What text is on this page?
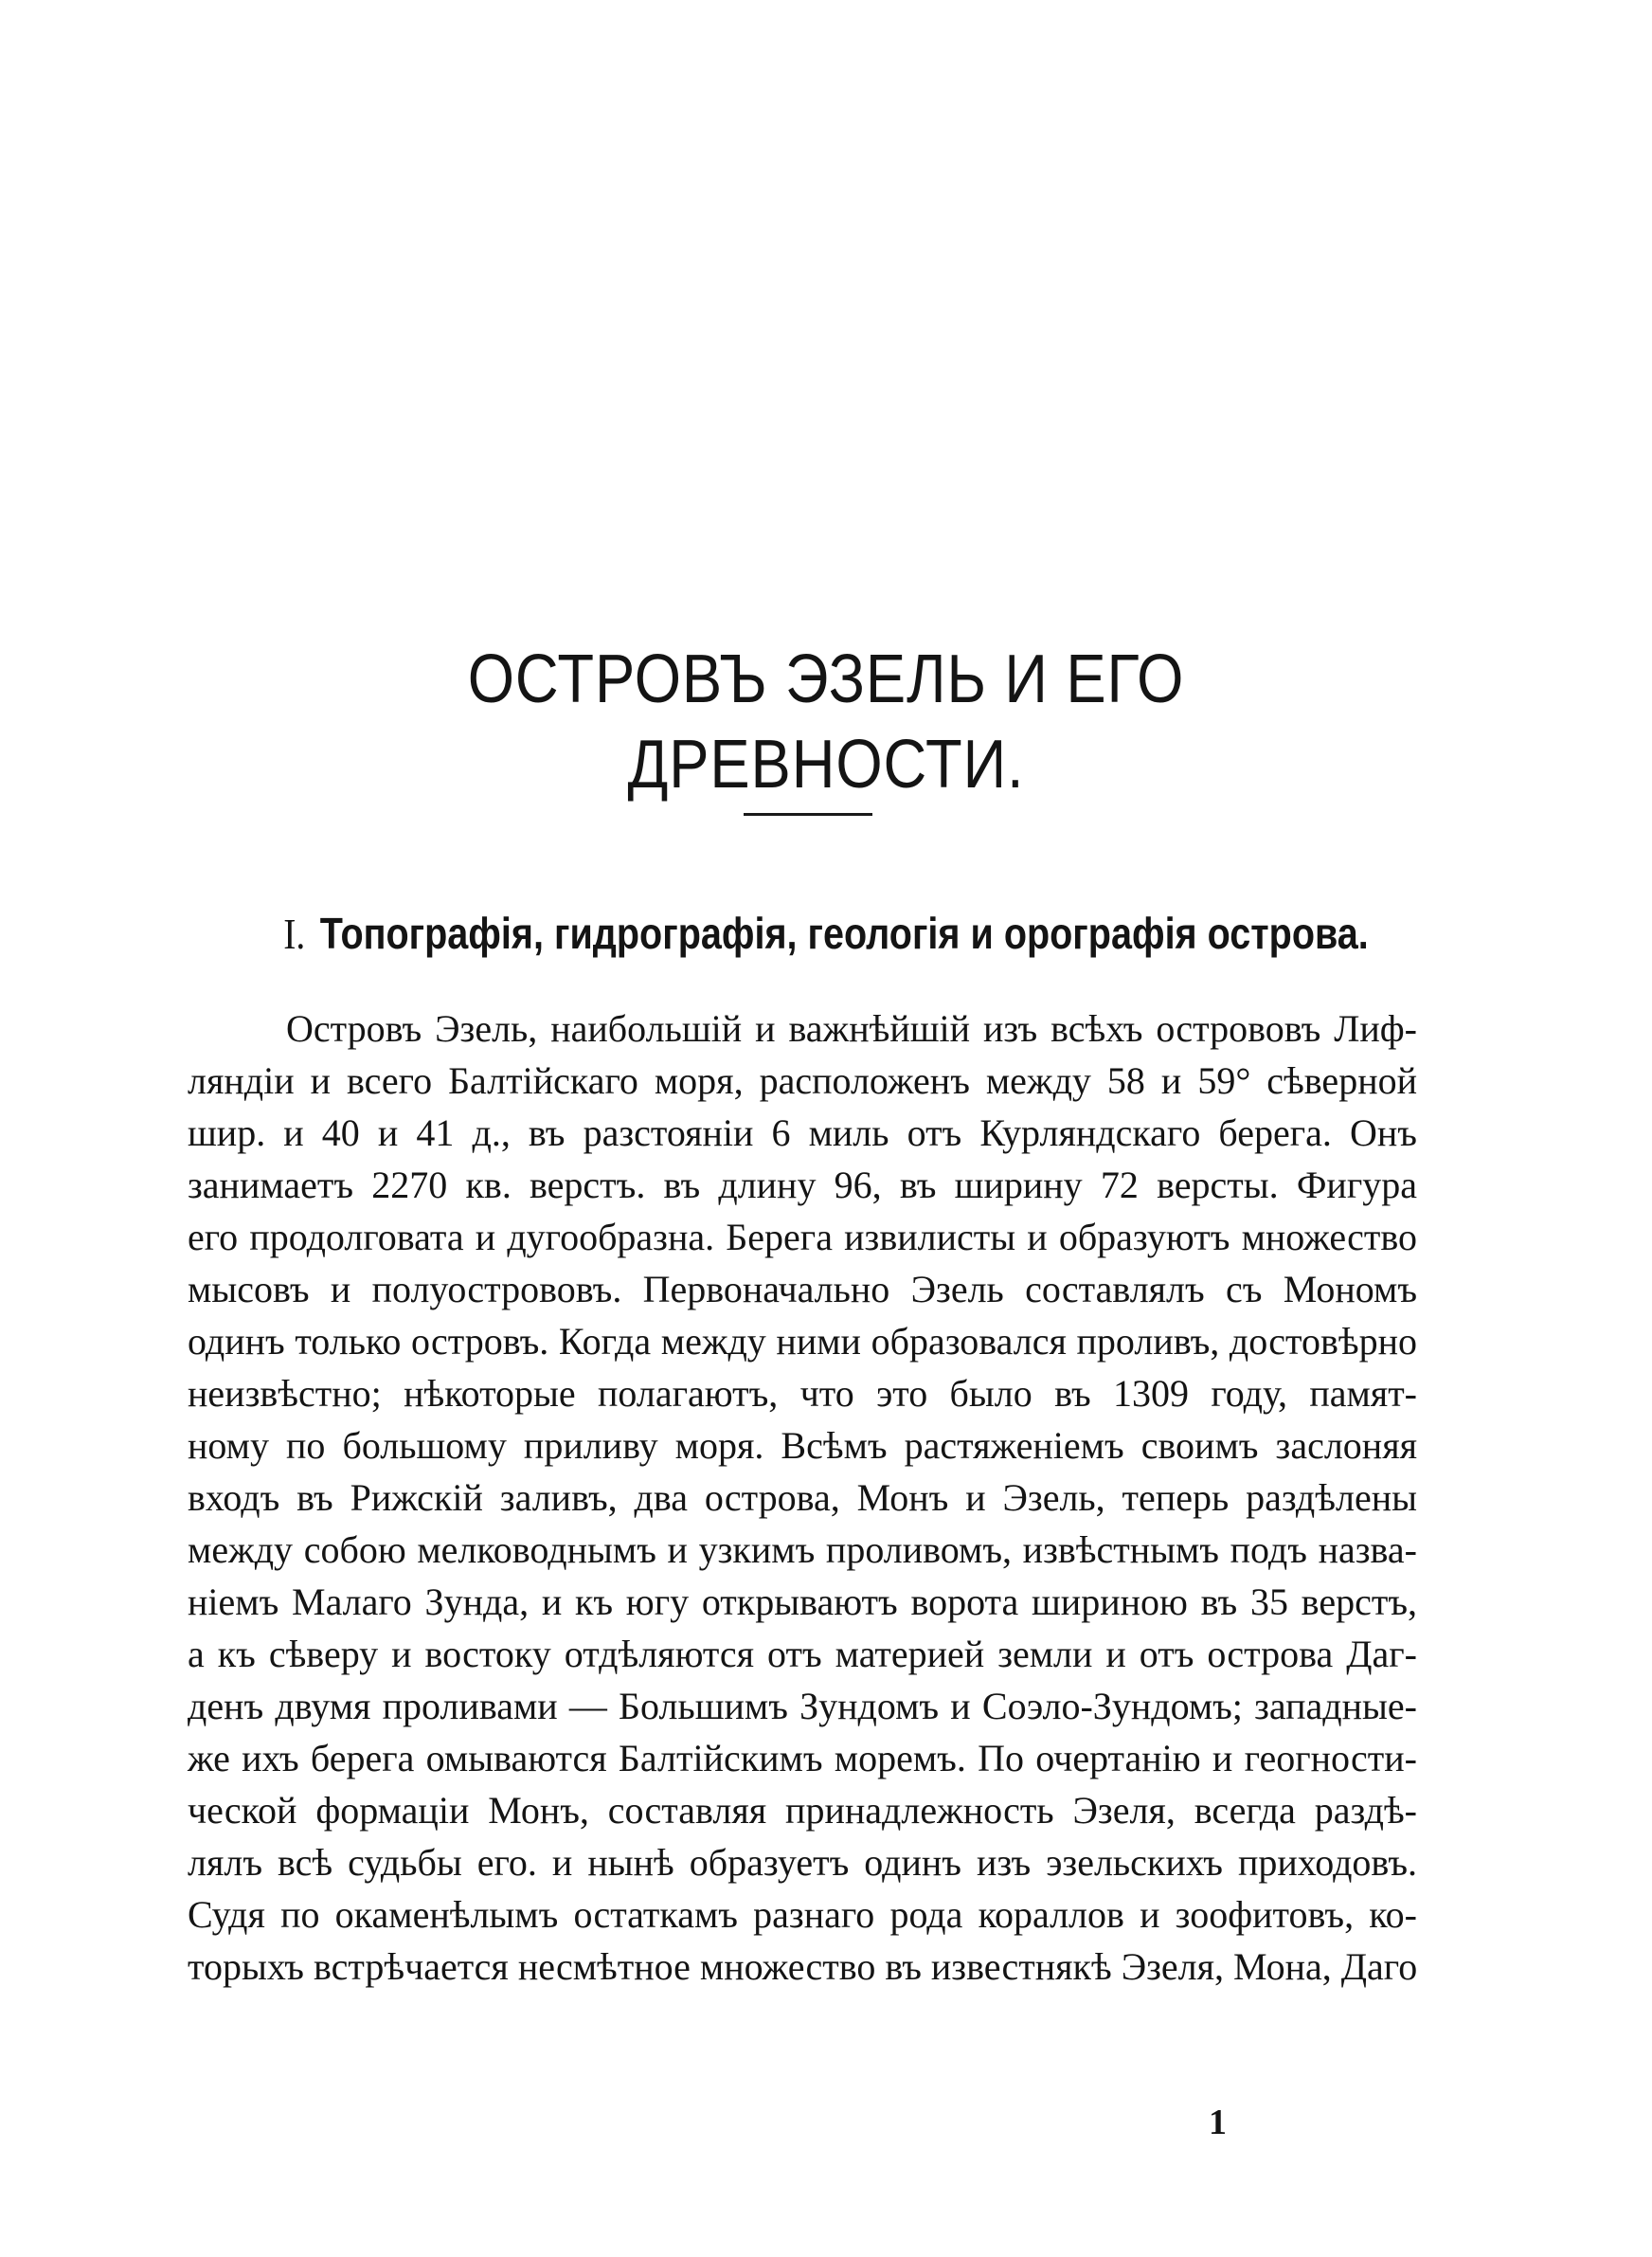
ОСТРОВЪ ЭЗЕЛЬ И ЕГО ДРЕВНОСТИ.
I. Топографія, гидрографія, геологія и орографія острова.
Островъ Эзель, наибольшій и важнѣйшій изъ всѣхъ острововъ Лиф-
ляндіи и всего Балтійскаго моря, расположенъ между 58 и 59° сѣверной
шир. и 40 и 41 д., въ разстояніи 6 миль отъ Курляндскаго берега. Онъ
занимаетъ 2270 кв. верстъ. въ длину 96, въ ширину 72 версты. Фигура
его продолговата и дугообразна. Берега извилисты и образуютъ множество
мысовъ и полуострововъ. Первоначально Эзель составлялъ съ Мономъ
одинъ только островъ. Когда между ними образовался проливъ, достовѣрно
неизвѣстно; нѣкоторые полагаютъ, что это было въ 1309 году, памят-
ному по большому приливу моря. Всѣмъ растяженіемъ своимъ заслоняя
входъ въ Рижскій заливъ, два острова, Монъ и Эзель, теперь раздѣлены
между собою мелководнымъ и узкимъ проливомъ, извѣстнымъ подъ назва-
ніемъ Малаго Зунда, и къ югу открываютъ ворота шириною въ 35 верстъ,
а къ сѣверу и востоку отдѣляются отъ материей земли и отъ острова Даг-
денъ двумя проливами — Большимъ Зундомъ и Соэло-Зундомъ; западные-
же ихъ берега омываются Балтійскимъ моремъ. По очертанію и геогности-
ческой формаціи Монъ, составляя принадлежность Эзеля, всегда раздѣ-
лялъ всѣ судьбы его. и нынѣ образуетъ одинъ изъ эзельскихъ приходовъ.
Судя по окаменѣлымъ остаткамъ разнаго рода кораллов и зоофитовъ, ко-
торыхъ встрѣчается несмѣтное множество въ известнякѣ Эзеля, Мона, Даго
1
